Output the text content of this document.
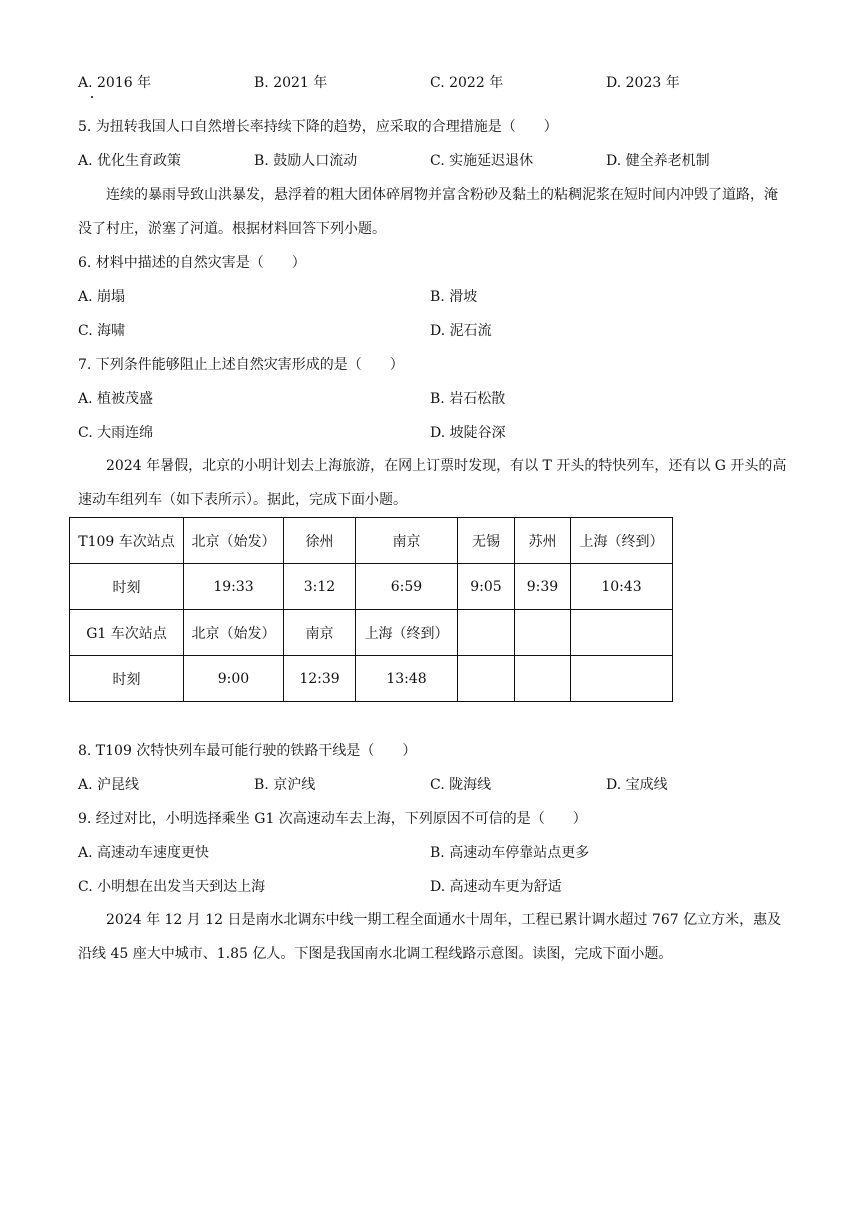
A. 2016 年	B. 2021 年	C. 2022 年	D. 2023 年
5. 为扭转我国人口自然增长率持续下降的趋势，应采取的合理措施是（　　）
A. 优化生育政策	B. 鼓励人口流动	C. 实施延迟退休	D. 健全养老机制
连续的暴雨导致山洪暴发，悬浮着的粗大团体碎屑物并富含粉砂及黏土的粘稠泥浆在短时间内冲毁了道路，淹没了村庄，淤塞了河道。根据材料回答下列小题。
6. 材料中描述的自然灾害是（　　）
A. 崩塌	B. 滑坡
C. 海啸	D. 泥石流
7. 下列条件能够阻止上述自然灾害形成的是（　　）
A. 植被茂盛	B. 岩石松散
C. 大雨连绵	D. 坡陡谷深
2024 年暑假，北京的小明计划去上海旅游，在网上订票时发现，有以 T 开头的特快列车，还有以 G 开头的高速动车组列车（如下表所示）。据此，完成下面小题。
T109 车次站点	北京（始发）	徐州	南京	无锡	苏州	上海（终到）
时刻	19:33	3:12	6:59	9:05	9:39	10:43
G1 车次站点	北京（始发）	南京	上海（终到）			
时刻	9:00	12:39	13:48			
8. T109 次特快列车最可能行驶的铁路干线是（　　）
A. 沪昆线	B. 京沪线	C. 陇海线	D. 宝成线
9. 经过对比，小明选择乘坐 G1 次高速动车去上海，下列原因不可信的是（　　）
A. 高速动车速度更快	B. 高速动车停靠站点更多
C. 小明想在出发当天到达上海	D. 高速动车更为舒适
2024 年 12 月 12 日是南水北调东中线一期工程全面通水十周年，工程已累计调水超过 767 亿立方米，惠及沿线 45 座大中城市、1.85 亿人。下图是我国南水北调工程线路示意图。读图，完成下面小题。
